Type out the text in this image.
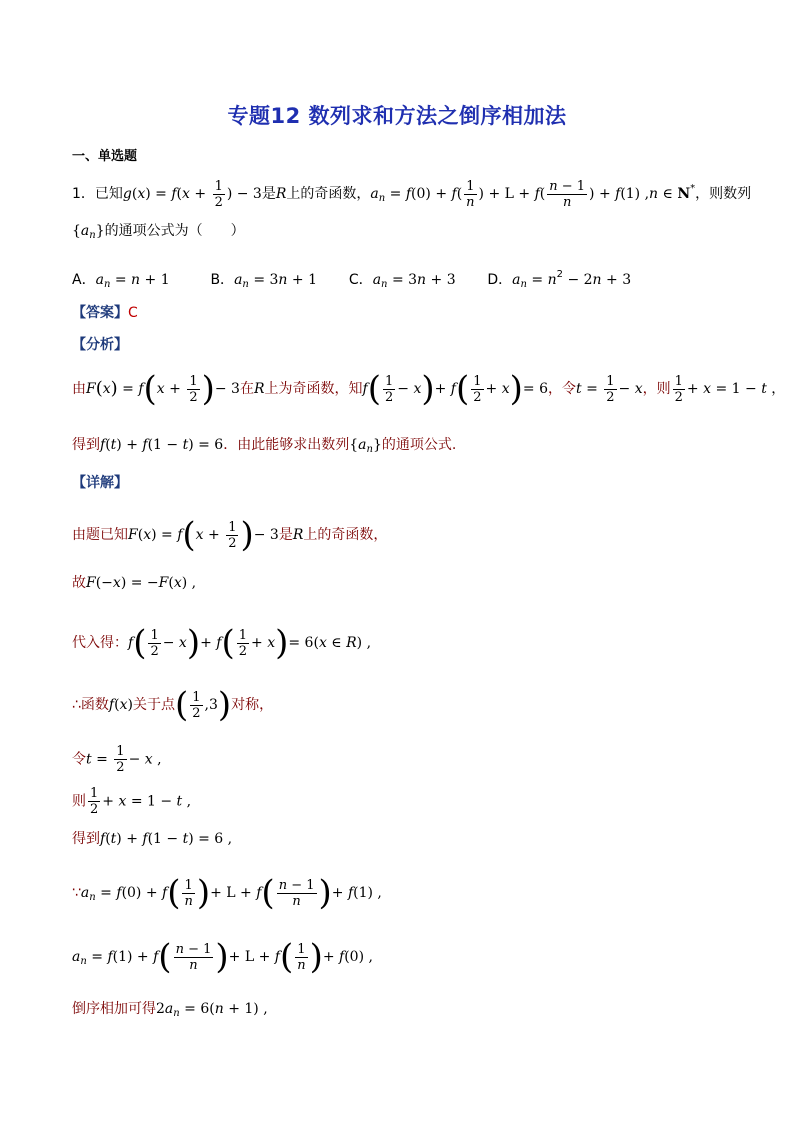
专题12 数列求和方法之倒序相加法
一、单选题
1．已知$g(x) = f(x + \frac{1}{2}$ ) − 3是R上的奇函数，$a_n = f(0) + f( \frac{1}{n}$ ) + $L + f( \frac{n - 1}{n}$ ) + f(1) ,n ∈ N*，则数列
$\{a_n\}$的通项公式为（　　）
A．$a_n = n + 1$	B．$a_n = 3n + 1$ C．$a_n = 3n + 3$ D．$a_n = n^2 - 2n + 3$
【答案】C
【分析】
由$F(x) = f(x + \frac{1}{2}$ )− 3在R上为奇函数，知$f( \frac{1}{2} - x)+ f( \frac{1}{2} + x)= 6$，令$t = \frac{1}{2} - x$，则 $\frac{1}{2} + x = 1 - t$ ，
得到f(t) + f(1 − t) = 6．由此能够求出数列$\{a_n\}$的通项公式.
【详解】
由题已知$F(x) = f(x + \frac{1}{2}$ )− 3是R上的奇函数，
故F(−x) = −F(x) ,
代入得：$f( \frac{1}{2} - x)+ f( \frac{1}{2} + x)= 6(x$ ∈ R) ,
∴函数f(x)关于点( $\frac{1}{2} ,3$)对称，
令$t = \frac{1}{2} - x$ ,
则 $\frac{1}{2} + x = 1 - t$ ,
得到f(t) + f(1 − t) = 6 ,
$\because a_n = f(0) + f( \frac{1}{n}$ )+ $L + f( \frac{n - 1}{n}$ )+ f(1) ,
$a_n = f(1) + f( \frac{n - 1}{n}$ )+ $L + f( \frac{1}{n}$ )+ f(0) ,
倒序相加可得$2a_n = 6(n + 1)$ ,
